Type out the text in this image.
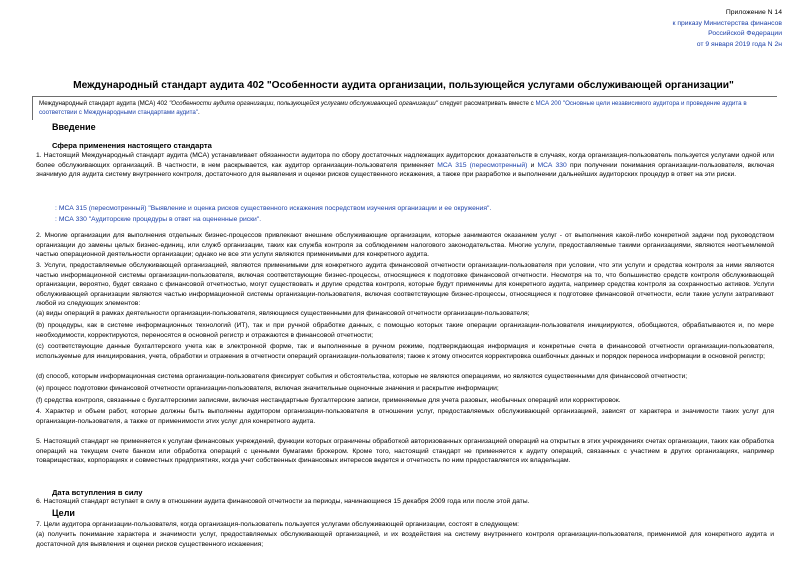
Приложение N 14
к приказу Министерства финансов
Российской Федерации
от 9 января 2019 года N 2н
Международный стандарт аудита 402 "Особенности аудита организации, пользующейся услугами обслуживающей организации"
Международный стандарт аудита (МСА) 402 "Особенности аудита организации, пользующейся услугами обслуживающей организации" следует рассматривать вместе с МСА 200 "Основные цели независимого аудитора и проведение аудита в соответствии с Международными стандартами аудита".
Введение
Сфера применения настоящего стандарта
1. Настоящий Международный стандарт аудита (МСА) устанавливает обязанности аудитора по сбору достаточных надлежащих аудиторских доказательств в случаях, когда организация-пользователь пользуется услугами одной или более обслуживающих организаций. В частности, в нем раскрывается, как аудитор организации-пользователя применяет МСА 315 (пересмотренный) и МСА 330 при получении понимания организации-пользователя, включая значимую для аудита систему внутреннего контроля, достаточного для выявления и оценки рисков существенного искажения, а также при разработке и выполнении дальнейших аудиторских процедур в ответ на эти риски.
: МСА 315 (пересмотренный) "Выявление и оценка рисков существенного искажения посредством изучения организации и ее окружения".
: МСА 330 "Аудиторские процедуры в ответ на оцененные риски".
2. Многие организации для выполнения отдельных бизнес-процессов привлекают внешние обслуживающие организации, которые занимаются оказанием услуг - от выполнения какой-либо конкретной задачи под руководством организации до замены целых бизнес-единиц, или служб организации, таких как служба контроля за соблюдением налогового законодательства. Многие услуги, предоставляемые такими организациями, являются неотъемлемой частью операционной деятельности организации; однако не все эти услуги являются применимыми для конкретного аудита.
3. Услуги, предоставляемые обслуживающей организацией, являются применимыми для конкретного аудита финансовой отчетности организации-пользователя при условии, что эти услуги и средства контроля за ними являются частью информационной системы организации-пользователя, включая соответствующие бизнес-процессы, относящиеся к подготовке финансовой отчетности. Несмотря на то, что большинство средств контроля обслуживающей организации, вероятно, будет связано с финансовой отчетностью, могут существовать и другие средства контроля, которые будут применимы для конкретного аудита, например средства контроля за сохранностью активов. Услуги обслуживающей организации являются частью информационной системы организации-пользователя, включая соответствующие бизнес-процессы, относящиеся к подготовке финансовой отчетности, если такие услуги затрагивают любой из следующих элементов:
(a) виды операций в рамках деятельности организации-пользователя, являющиеся существенными для финансовой отчетности организации-пользователя;
(b) процедуры, как в системе информационных технологий (ИТ), так и при ручной обработке данных, с помощью которых такие операции организации-пользователя инициируются, обобщаются, обрабатываются и, по мере необходимости, корректируются, переносятся в основной регистр и отражаются в финансовой отчетности;
(c) соответствующие данные бухгалтерского учета как в электронной форме, так и выполненные в ручном режиме, подтверждающая информация и конкретные счета в финансовой отчетности организации-пользователя, используемые для инициирования, учета, обработки и отражения в отчетности операций организации-пользователя; также к этому относится корректировка ошибочных данных и порядок переноса информации в основной регистр;
(d) способ, которым информационная система организации-пользователя фиксирует события и обстоятельства, которые не являются операциями, но являются существенными для финансовой отчетности;
(e) процесс подготовки финансовой отчетности организации-пользователя, включая значительные оценочные значения и раскрытие информации;
(f) средства контроля, связанные с бухгалтерскими записями, включая нестандартные бухгалтерские записи, применяемые для учета разовых, необычных операций или корректировок.
4. Характер и объем работ, которые должны быть выполнены аудитором организации-пользователя в отношении услуг, предоставляемых обслуживающей организацией, зависят от характера и значимости таких услуг для организации-пользователя, а также от применимости этих услуг для конкретного аудита.
5. Настоящий стандарт не применяется к услугам финансовых учреждений, функции которых ограничены обработкой авторизованных организацией операций на открытых в этих учреждениях счетах организации, таких как обработка операций на текущем счете банком или обработка операций с ценными бумагами брокером. Кроме того, настоящий стандарт не применяется к аудиту операций, связанных с участием в других организациях, например товариществах, корпорациях и совместных предприятиях, когда учет собственных финансовых интересов ведется и отчетность по ним предоставляется их владельцам.
Дата вступления в силу
6. Настоящий стандарт вступает в силу в отношении аудита финансовой отчетности за периоды, начинающиеся 15 декабря 2009 года или после этой даты.
Цели
7. Цели аудитора организации-пользователя, когда организация-пользователь пользуется услугами обслуживающей организации, состоят в следующем:
(a) получить понимание характера и значимости услуг, предоставляемых обслуживающей организацией, и их воздействия на систему внутреннего контроля организации-пользователя, применимой для конкретного аудита и достаточной для выявления и оценки рисков существенного искажения;
